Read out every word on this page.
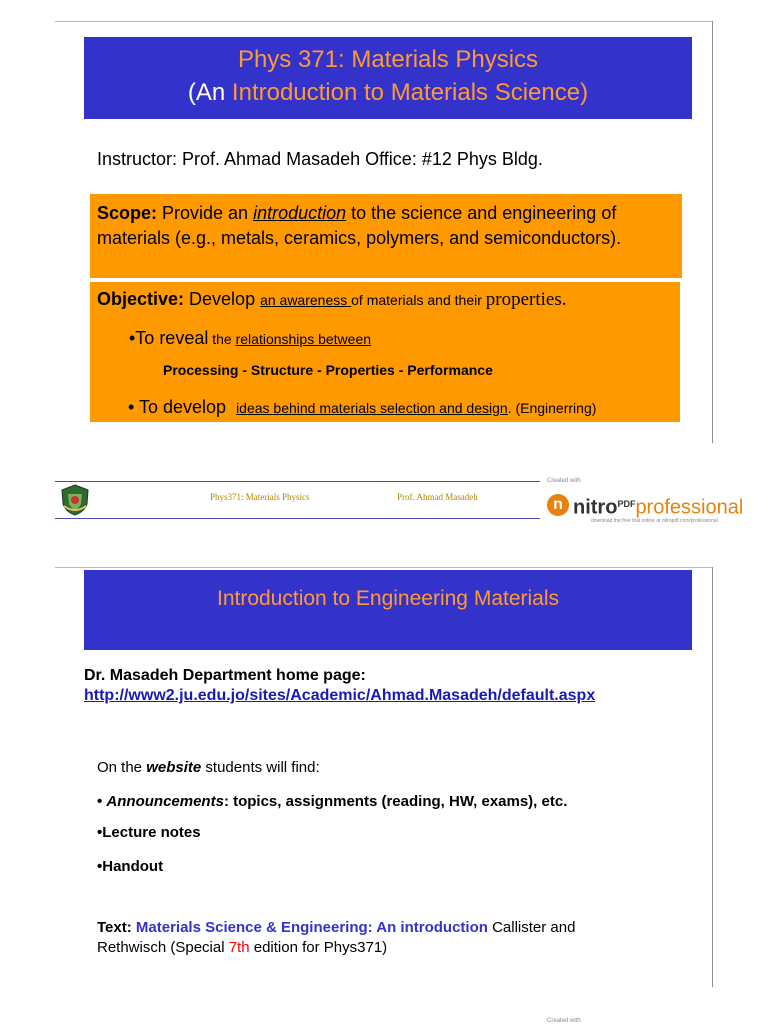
Phys 371: Materials Physics
(An Introduction to Materials Science)
Instructor: Prof. Ahmad Masadeh Office: #12 Phys Bldg.
Scope: Provide an introduction to the science and engineering of materials (e.g., metals, ceramics, polymers, and semiconductors).
Objective: Develop an awareness of materials and their properties.
•To reveal the relationships between
Processing - Structure - Properties - Performance
• To develop ideas behind materials selection and design. (Enginerring)
Phys371: Materials Physics	Prof. Ahmad Masadeh
Created with
n nitro$^{PDF}$professional
download the free trial online at nitropdf.com/professional
Introduction to Engineering Materials
Dr. Masadeh Department home page:
http://www2.ju.edu.jo/sites/Academic/Ahmad.Masadeh/default.aspx
On the website students will find:
• Announcements: topics, assignments (reading, HW, exams), etc.
•Lecture notes
•Handout
Text: Materials Science & Engineering: An introduction Callister and
Rethwisch (Special 7th edition for Phys371)
Created with
